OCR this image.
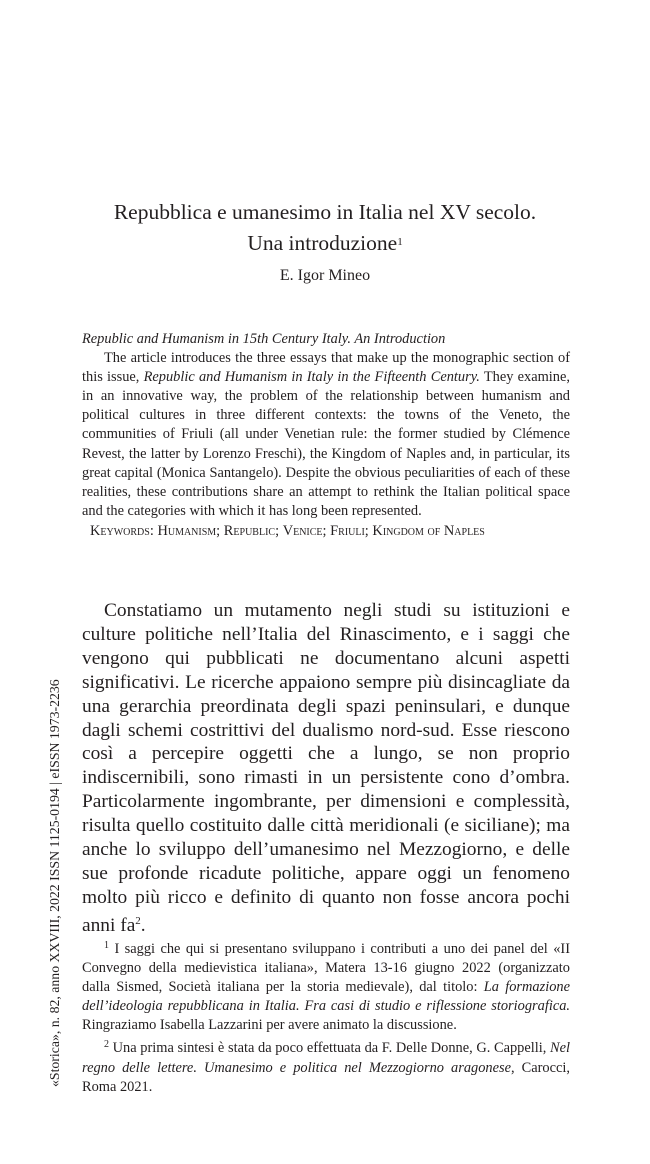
Repubblica e umanesimo in Italia nel XV secolo.
Una introduzione$^1$
E. Igor Mineo
Republic and Humanism in 15th Century Italy. An Introduction
The article introduces the three essays that make up the monographic section of this issue, Republic and Humanism in Italy in the Fifteenth Century. They examine, in an innovative way, the problem of the relationship between humanism and political cultures in three different contexts: the towns of the Veneto, the communities of Friuli (all under Venetian rule: the former studied by Clémence Revest, the latter by Lorenzo Freschi), the Kingdom of Naples and, in particular, its great capital (Monica Santangelo). Despite the obvious peculiarities of each of these realities, these contributions share an attempt to rethink the Italian political space and the categories with which it has long been represented.
Keywords: Humanism; Republic; Venice; Friuli; Kingdom of Naples
Constatiamo un mutamento negli studi su istituzioni e culture politiche nell’Italia del Rinascimento, e i saggi che vengono qui pubblicati ne documentano alcuni aspetti significativi. Le ricerche appaiono sempre più disincagliate da una gerarchia preordinata degli spazi peninsulari, e dunque dagli schemi costrittivi del dualismo nord-sud. Esse riescono così a percepire oggetti che a lungo, se non proprio indiscernibili, sono rimasti in un persistente cono d’ombra. Particolarmente ingombrante, per dimensioni e complessità, risulta quello costituito dalle città meridionali (e siciliane); ma anche lo sviluppo dell’umanesimo nel Mezzogiorno, e delle sue profonde ricadute politiche, appare oggi un fenomeno molto più ricco e definito di quanto non fosse ancora pochi anni $fa^2$.

$^1$ I saggi che qui si presentano sviluppano i contributi a uno dei panel del «II Convegno della medievistica italiana», Matera 13-16 giugno 2022 (organizzato dalla Sismed, Società italiana per la storia medievale), dal titolo: La formazione dell’ideologia repubblicana in Italia. Fra casi di studio e riflessione storiografica. Ringraziamo Isabella Lazzarini per avere animato la discussione.

$^2$ Una prima sintesi è stata da poco effettuata da F. Delle Donne, G. Cappelli, Nel regno delle lettere. Umanesimo e politica nel Mezzogiorno aragonese, Carocci, Roma 2021.

«Storica», n. 82, anno XXVIII, 2022 ISSN 1125-0194 | eISSN 1973-2236
